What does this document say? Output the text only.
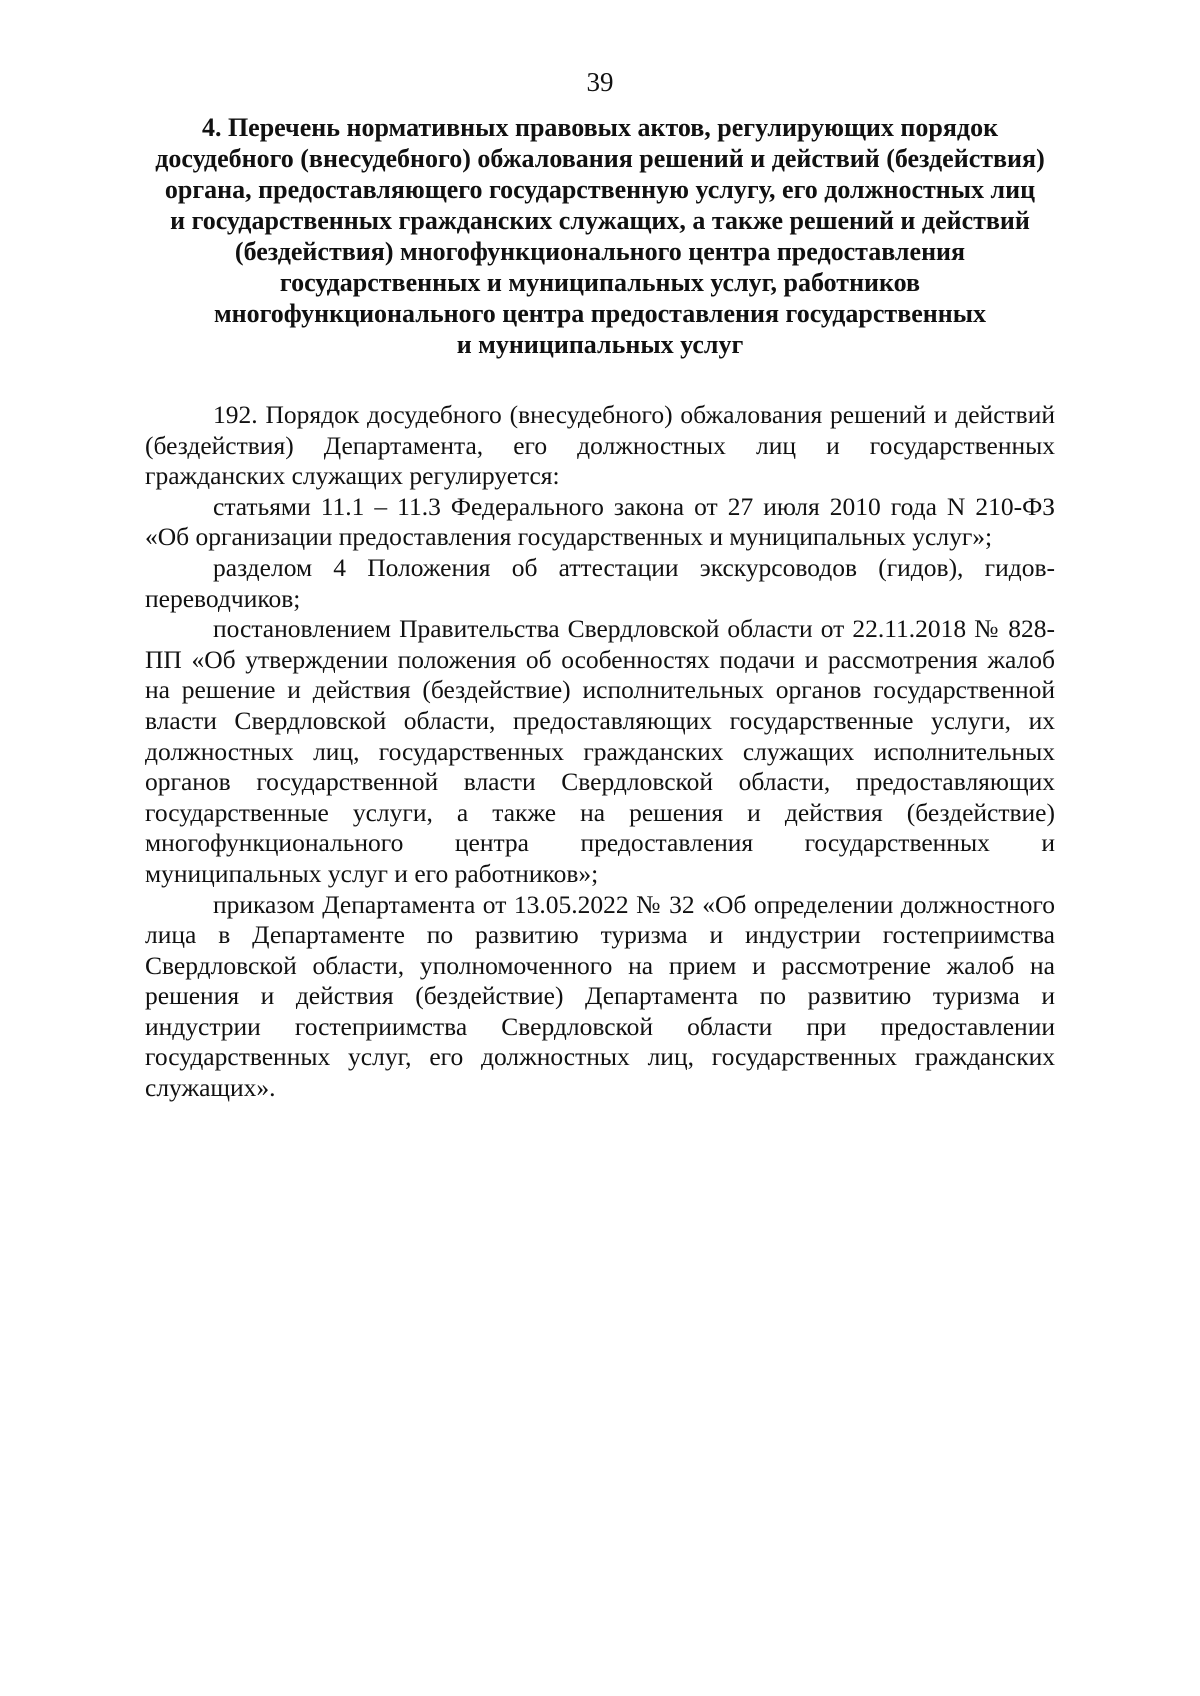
39
4. Перечень нормативных правовых актов, регулирующих порядок
досудебного (внесудебного) обжалования решений и действий (бездействия)
органа, предоставляющего государственную услугу, его должностных лиц
и государственных гражданских служащих, а также решений и действий
(бездействия) многофункционального центра предоставления
государственных и муниципальных услуг, работников
многофункционального центра предоставления государственных
и муниципальных услуг

192. Порядок досудебного (внесудебного) обжалования решений и действий (бездействия) Департамента, его должностных лиц и государственных гражданских служащих регулируется:

статьями 11.1 – 11.3 Федерального закона от 27 июля 2010 года N 210-ФЗ «Об организации предоставления государственных и муниципальных услуг»;

разделом 4 Положения об аттестации экскурсоводов (гидов), гидов-переводчиков;

постановлением Правительства Свердловской области от 22.11.2018 № 828-ПП «Об утверждении положения об особенностях подачи и рассмотрения жалоб на решение и действия (бездействие) исполнительных органов государственной власти Свердловской области, предоставляющих государственные услуги, их должностных лиц, государственных гражданских служащих исполнительных органов государственной власти Свердловской области, предоставляющих государственные услуги, а также на решения и действия (бездействие) многофункционального центра предоставления государственных и муниципальных услуг и его работников»;

приказом Департамента от 13.05.2022 № 32 «Об определении должностного лица в Департаменте по развитию туризма и индустрии гостеприимства Свердловской области, уполномоченного на прием и рассмотрение жалоб на решения и действия (бездействие) Департамента по развитию туризма и индустрии гостеприимства Свердловской области при предоставлении государственных услуг, его должностных лиц, государственных гражданских служащих».
